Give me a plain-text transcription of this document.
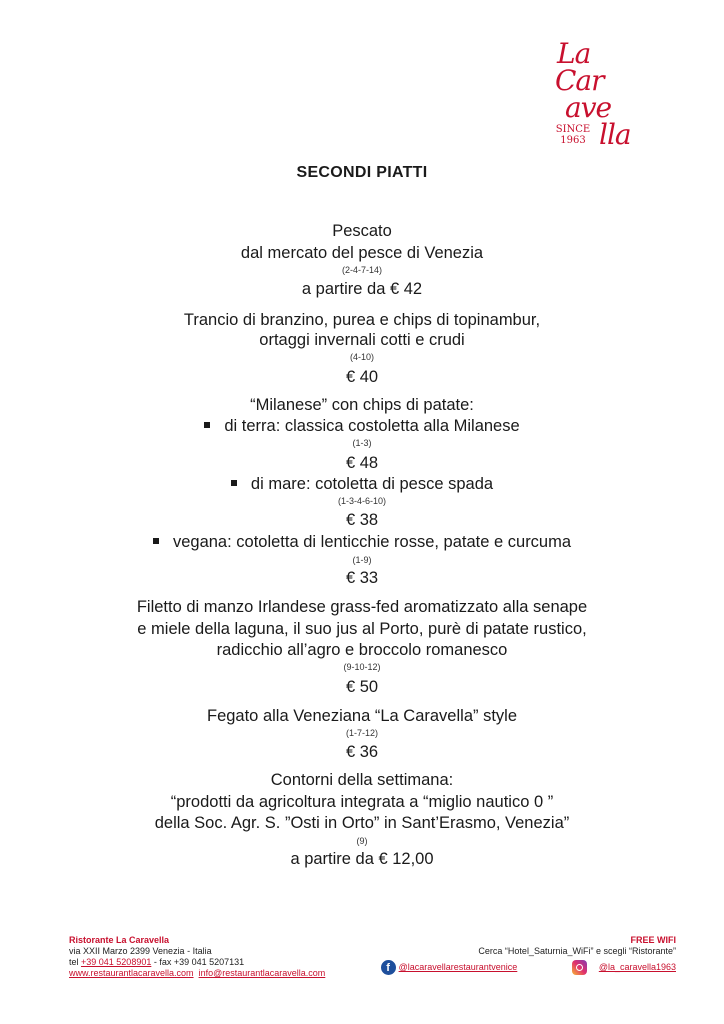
La
Car
ave
lla
SINCE
1963
SECONDI PIATTI
Pescato
dal mercato del pesce di Venezia
(2-4-7-14)
a partire da € 42
Trancio di branzino, purea e chips di topinambur,
ortaggi invernali cotti e crudi
(4-10)
€ 40
“Milanese” con chips di patate:
di terra: classica costoletta alla Milanese
(1-3)
€ 48
di mare: cotoletta di pesce spada
(1-3-4-6-10)
€ 38
vegana: cotoletta di lenticchie rosse, patate e curcuma
(1-9)
€ 33
Filetto di manzo Irlandese grass-fed aromatizzato alla senape
e miele della laguna, il suo jus al Porto, purè di patate rustico,
radicchio all’agro e broccolo romanesco
(9-10-12)
€ 50
Fegato alla Veneziana “La Caravella” style
(1-7-12)
€ 36
Contorni della settimana:
“prodotti da agricoltura integrata a “miglio nautico 0 ”
della Soc. Agr. S. ”Osti in Orto” in Sant’Erasmo, Venezia”
(9)
a partire da € 12,00
Ristorante La Caravella
via XXII Marzo 2399 Venezia - Italia
tel +39 041 5208901 - fax +39 041 5207131
www.restaurantlacaravella.com info@restaurantlacaravella.com
FREE WIFI
Cerca “Hotel_Saturnia_WiFi” e scegli “Ristorante”
f @lacaravellarestaurantvenice	@la_caravella1963
